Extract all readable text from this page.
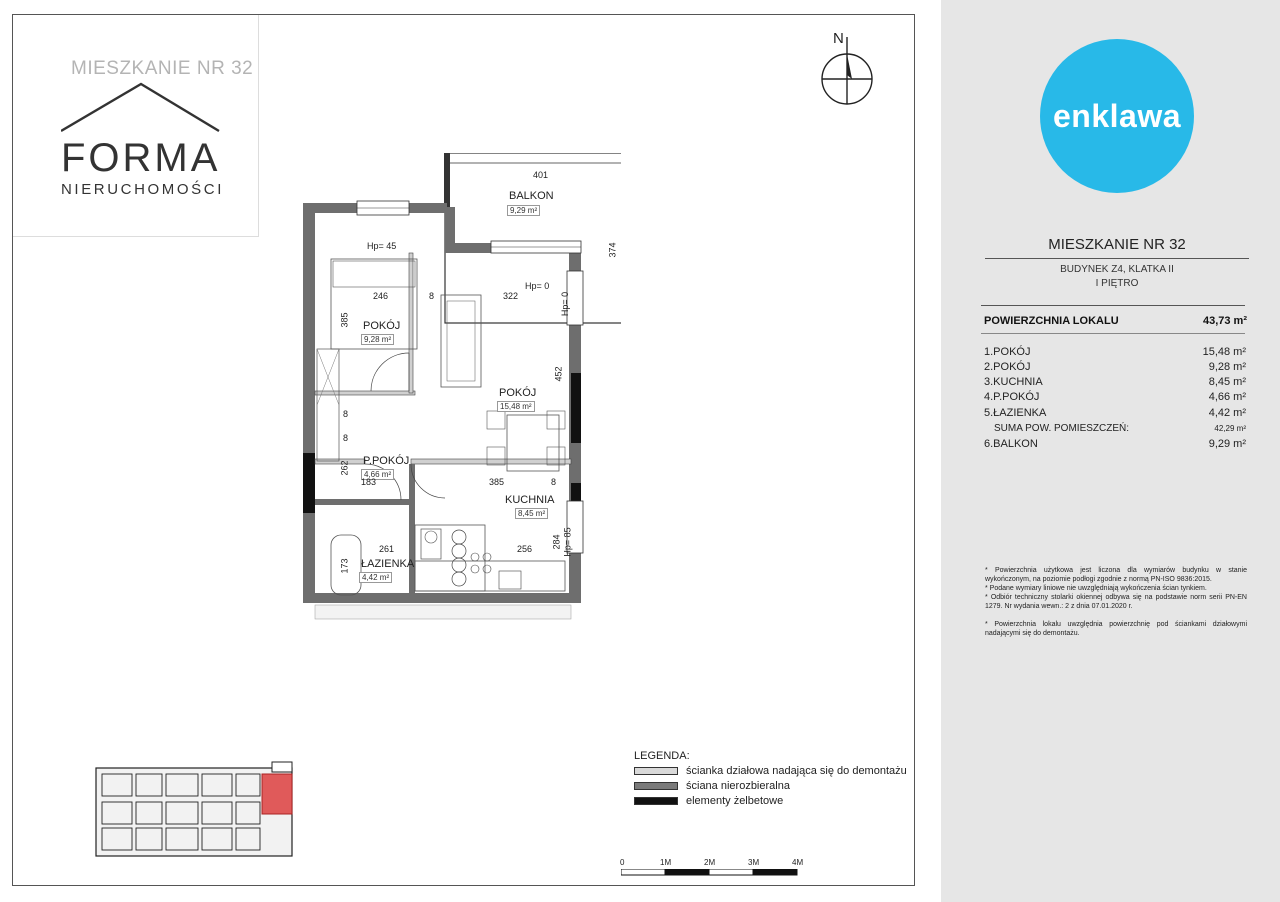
MIESZKANIE NR 32
FORMA
NIERUCHOMOŚCI
N
BALKON
9,29 m²
POKÓJ
9,28 m²
POKÓJ
15,48 m²
P.POKÓJ
4,66 m²
KUCHNIA
8,45 m²
ŁAZIENKA
4,42 m²
401
374
Hp= 45
Hp= 0
Hp= 0
Hp= 85
246	8	322
385
452
8
8
262
183	385	8
261	256 284
173
LEGENDA:
ścianka działowa nadająca się do demontażu
ściana nierozbieralna
elementy żelbetowe
0	1M	2M	3M	4M
enklawa
MIESZKANIE NR 32
BUDYNEK Z4, KLATKA II
I PIĘTRO
POWIERZCHNIA LOKALU	43,73 m²
1.POKÓJ	15,48 m²
2.POKÓJ	9,28 m²
3.KUCHNIA	8,45 m²
4.P.POKÓJ	4,66 m²
5.ŁAZIENKA	4,42 m²
SUMA POW. POMIESZCZEŃ:	42,29 m²
6.BALKON	9,29 m²
* Powierzchnia użytkowa jest liczona dla wymiarów budynku w stanie wykończonym, na poziomie podłogi zgodnie z normą PN-ISO 9836:2015.
* Podane wymiary liniowe nie uwzględniają wykończenia ścian tynkiem.
* Odbiór techniczny stolarki okiennej odbywa się na podstawie norm serii PN-EN 1279. Nr wydania wewn.: 2 z dnia 07.01.2020 r.
* Powierzchnia lokalu uwzględnia powierzchnię pod ściankami działowymi nadającymi się do demontażu.
